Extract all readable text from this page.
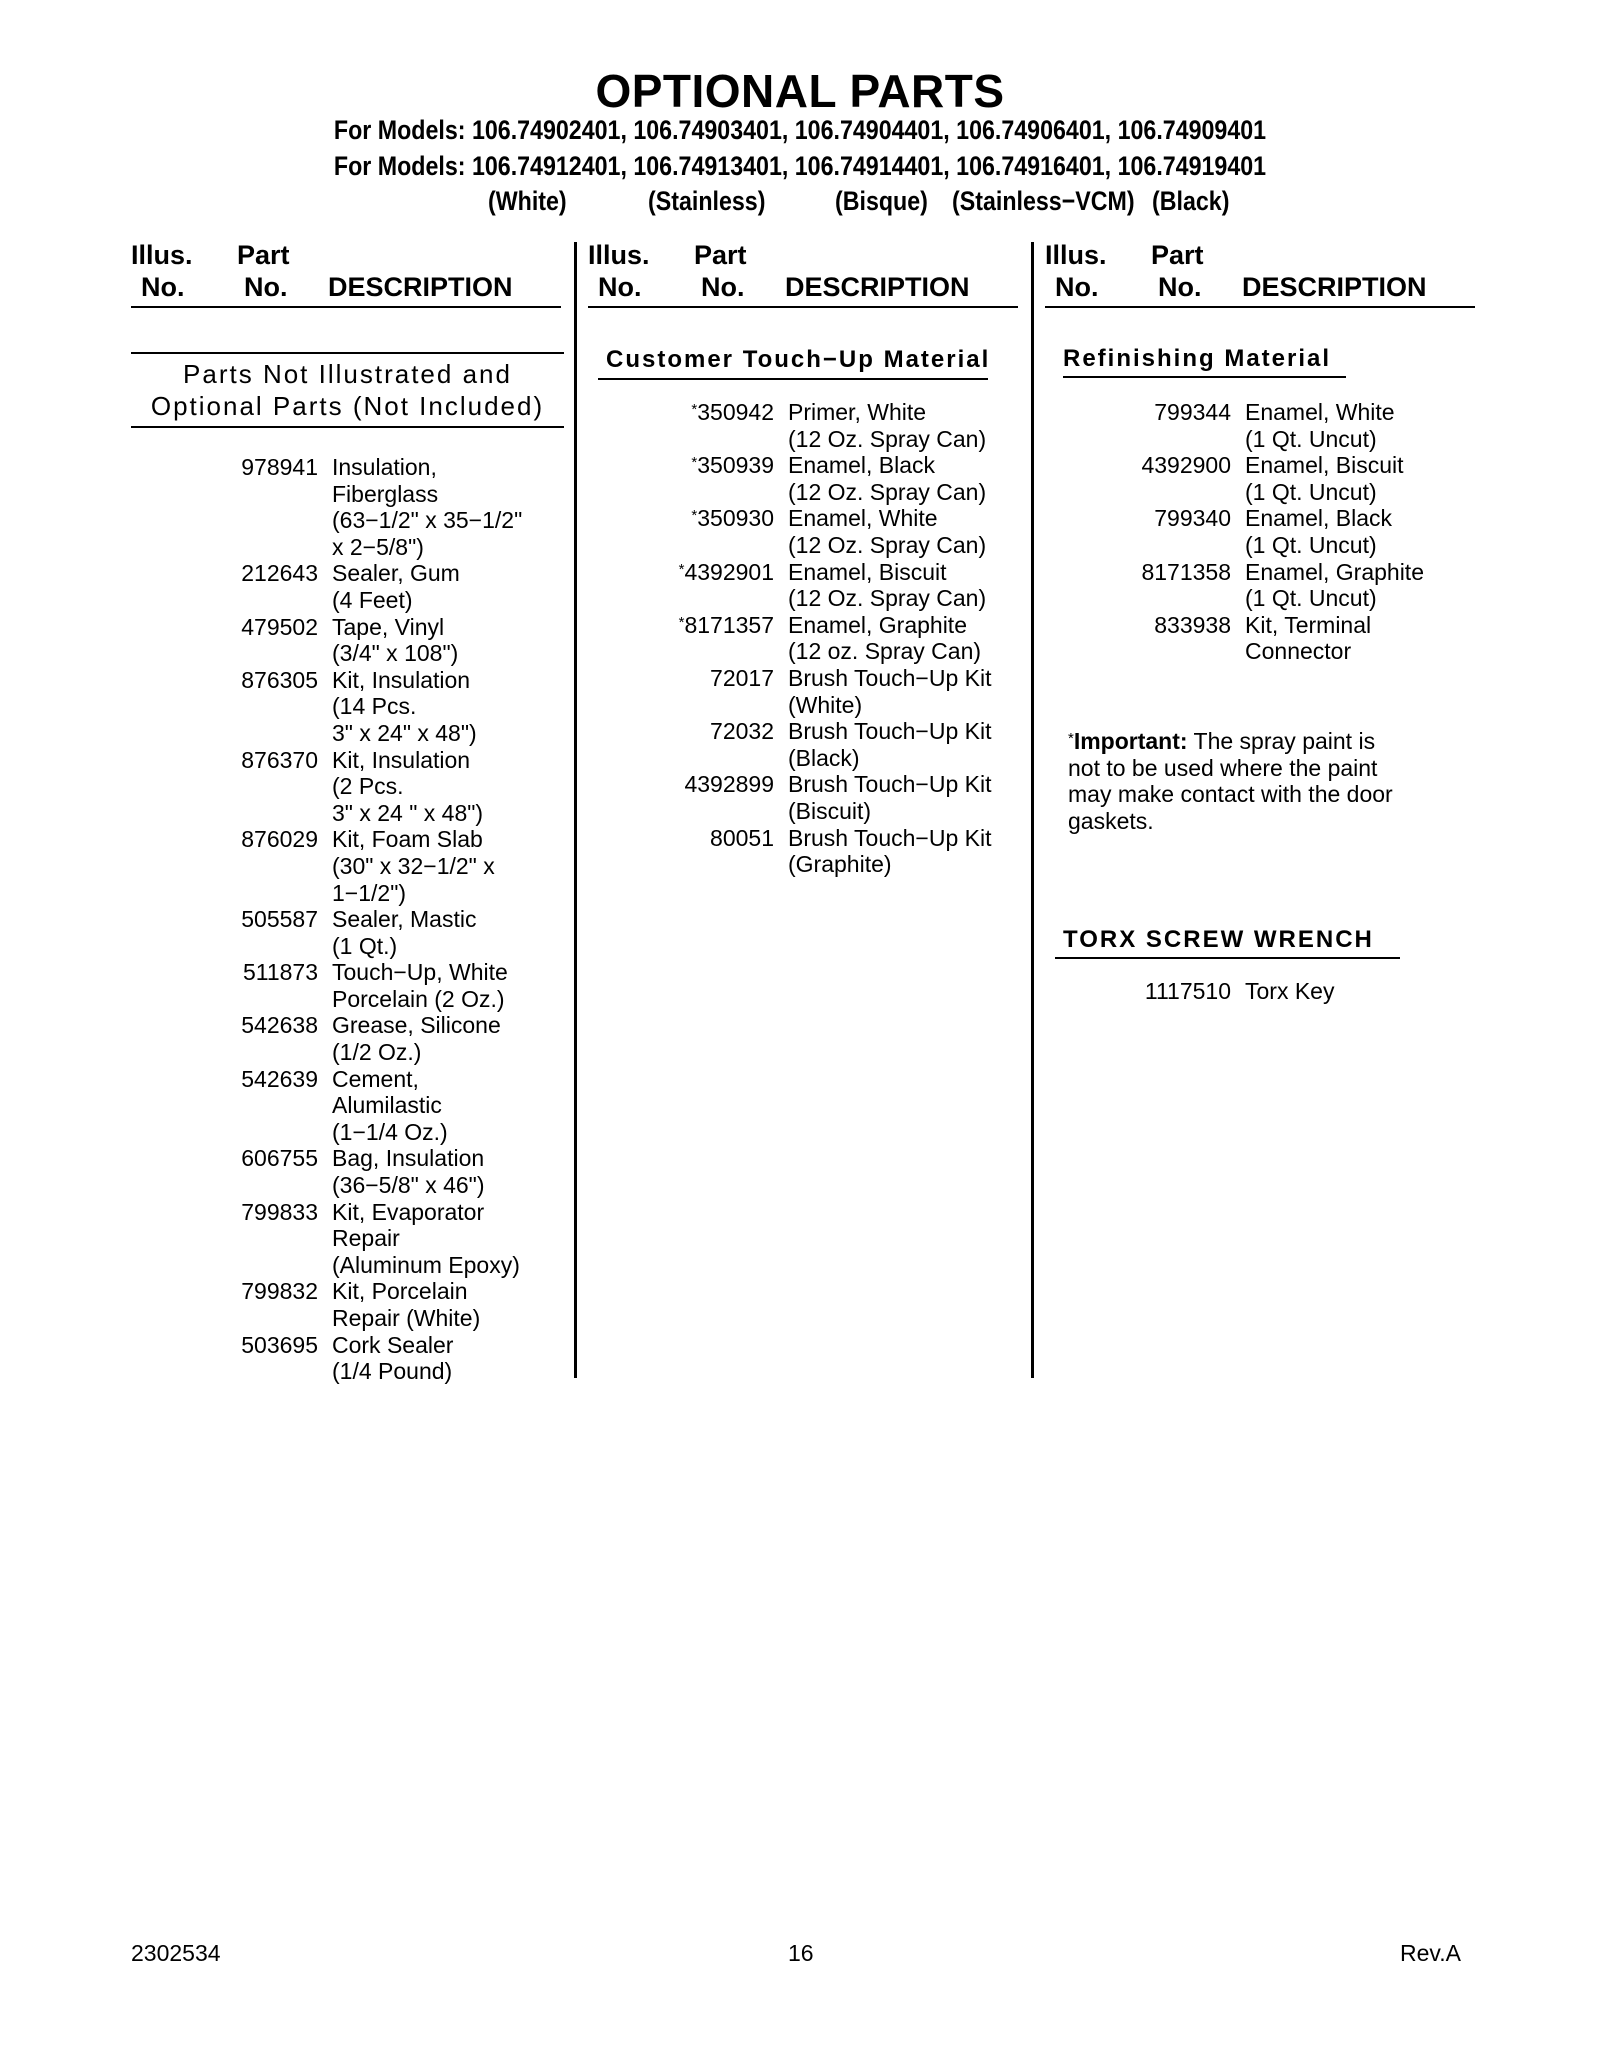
OPTIONAL PARTS
For Models: 106.74902401, 106.74903401, 106.74904401, 106.74906401, 106.74909401
For Models: 106.74912401, 106.74913401, 106.74914401, 106.74916401, 106.74919401
(White)	(Stainless)	(Bisque) (Stainless−VCM) (Black)
Illus. Part
No. No. DESCRIPTION
Illus. Part
No. No. DESCRIPTION
Illus. Part
No. No. DESCRIPTION
Parts Not Illustrated and
Optional Parts (Not Included)
978941 Insulation,
Fiberglass
(63−1/2" x 35−1/2"
x 2−5/8")
212643 Sealer, Gum
(4 Feet)
479502 Tape, Vinyl
(3/4" x 108")
876305 Kit, Insulation
(14 Pcs.
3" x 24" x 48")
876370 Kit, Insulation
(2 Pcs.
3" x 24 " x 48")
876029 Kit, Foam Slab
(30" x 32−1/2" x
1−1/2")
505587 Sealer, Mastic
(1 Qt.)
511873 Touch−Up, White
Porcelain (2 Oz.)
542638 Grease, Silicone
(1/2 Oz.)
542639 Cement,
Alumilastic
(1−1/4 Oz.)
606755 Bag, Insulation
(36−5/8" x 46")
799833 Kit, Evaporator
Repair
(Aluminum Epoxy)
799832 Kit, Porcelain
Repair (White)
503695 Cork Sealer
(1/4 Pound)
Customer Touch−Up Material
*350942 Primer, White
(12 Oz. Spray Can)
*350939 Enamel, Black
(12 Oz. Spray Can)
*350930 Enamel, White
(12 Oz. Spray Can)
*4392901 Enamel, Biscuit
(12 Oz. Spray Can)
*8171357 Enamel, Graphite
(12 oz. Spray Can)
72017 Brush Touch−Up Kit
(White)
72032 Brush Touch−Up Kit
(Black)
4392899 Brush Touch−Up Kit
(Biscuit)
80051 Brush Touch−Up Kit
(Graphite)
Refinishing Material
799344 Enamel, White
(1 Qt. Uncut)
4392900 Enamel, Biscuit
(1 Qt. Uncut)
799340 Enamel, Black
(1 Qt. Uncut)
8171358 Enamel, Graphite
(1 Qt. Uncut)
833938 Kit, Terminal
Connector
*Important: The spray paint is
not to be used where the paint
may make contact with the door
gaskets.
TORX SCREW WRENCH
1117510 Torx Key
2302534	16	Rev.A
